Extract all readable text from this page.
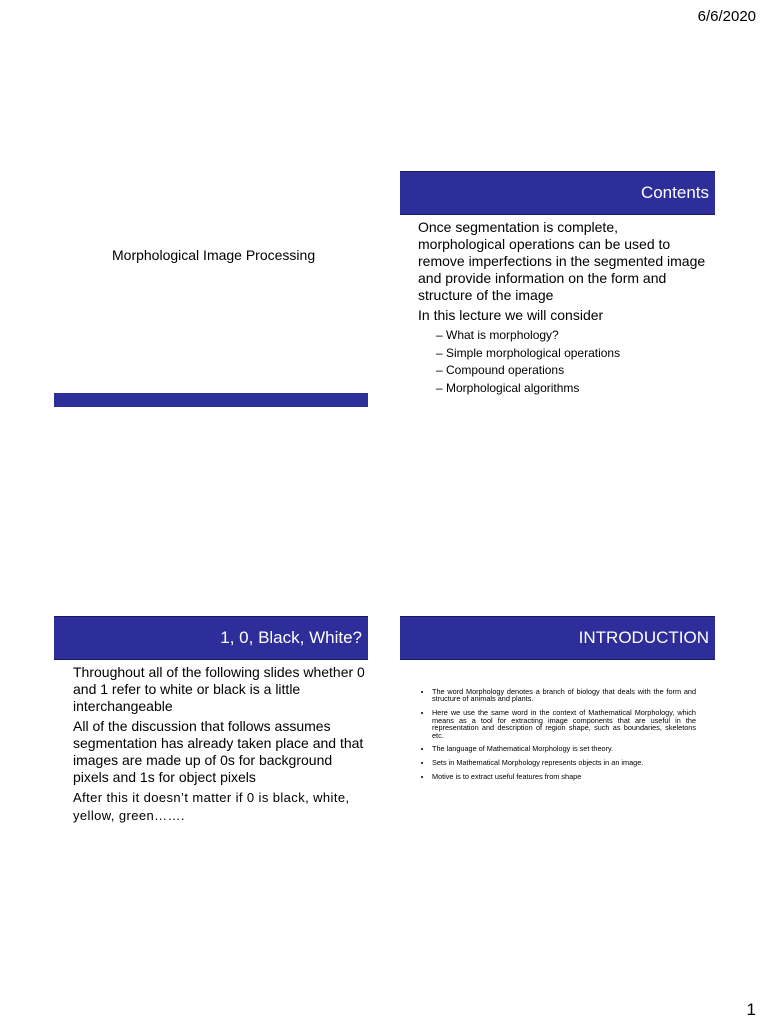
6/6/2020
Morphological Image Processing
Contents

Once segmentation is complete, morphological operations can be used to remove imperfections in the segmented image and provide information on the form and structure of the image

In this lecture we will consider

– What is morphology?
– Simple morphological operations
– Compound operations
– Morphological algorithms
1, 0, Black, White?

Throughout all of the following slides whether 0 and 1 refer to white or black is a little interchangeable

All of the discussion that follows assumes segmentation has already taken place and that images are made up of 0s for background pixels and 1s for object pixels

After this it doesn’t matter if 0 is black, white, yellow, green…….

INTRODUCTION
• The word Morphology denotes a branch of biology that deals with the form and structure of animals and plants.
• Here we use the same word in the context of Mathematical Morphology, which means as a tool for extracting image components that are useful in the representation and description of region shape, such as boundaries, skeletons etc.
• The language of Mathematical Morphology is set theory.
• Sets in Mathematical Morphology represents objects in an image.
• Motive is to extract useful features from shape
1
